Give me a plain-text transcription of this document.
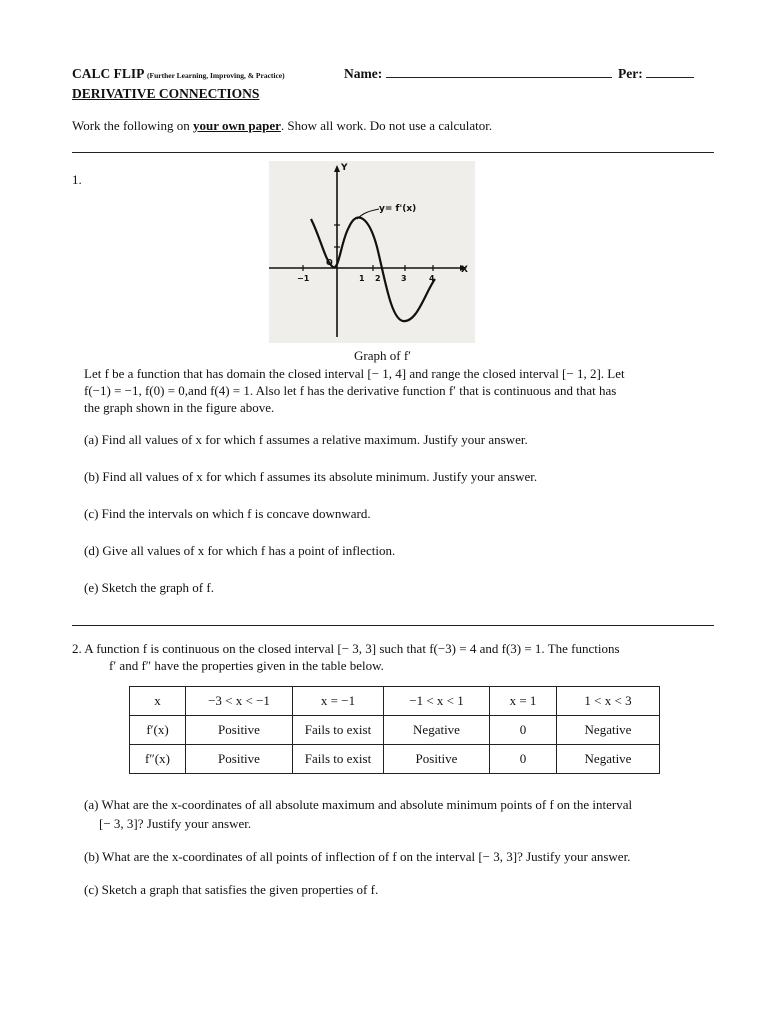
CALC FLIP (Further Learning, Improving, & Practice)	Name:	Per:
DERIVATIVE CONNECTIONS
Work the following on your own paper. Show all work. Do not use a calculator.
1.
y= f'(x)
Y
X
O
−1	1 2	3	4
Graph of f′
Let f be a function that has domain the closed interval [− 1, 4] and range the closed interval [− 1, 2]. Let
f(−1) = −1, f(0) = 0,and f(4) = 1. Also let f has the derivative function f′ that is continuous and that has
the graph shown in the figure above.
(a) Find all values of x for which f assumes a relative maximum. Justify your answer.
(b) Find all values of x for which f assumes its absolute minimum. Justify your answer.
(c) Find the intervals on which f is concave downward.
(d) Give all values of x for which f has a point of inflection.
(e) Sketch the graph of f.
2. A function f is continuous on the closed interval [− 3, 3] such that f(−3) = 4 and f(3) = 1. The functions
f′ and f″ have the properties given in the table below.
x	−3 < x < −1	x = −1	−1 < x < 1	x = 1	1 < x < 3
f′(x)	Positive	Fails to exist	Negative	0	Negative
f″(x)	Positive	Fails to exist	Positive	0	Negative
(a) What are the x-coordinates of all absolute maximum and absolute minimum points of f on the interval
[− 3, 3]? Justify your answer.
(b) What are the x-coordinates of all points of inflection of f on the interval [− 3, 3]? Justify your answer.
(c) Sketch a graph that satisfies the given properties of f.
